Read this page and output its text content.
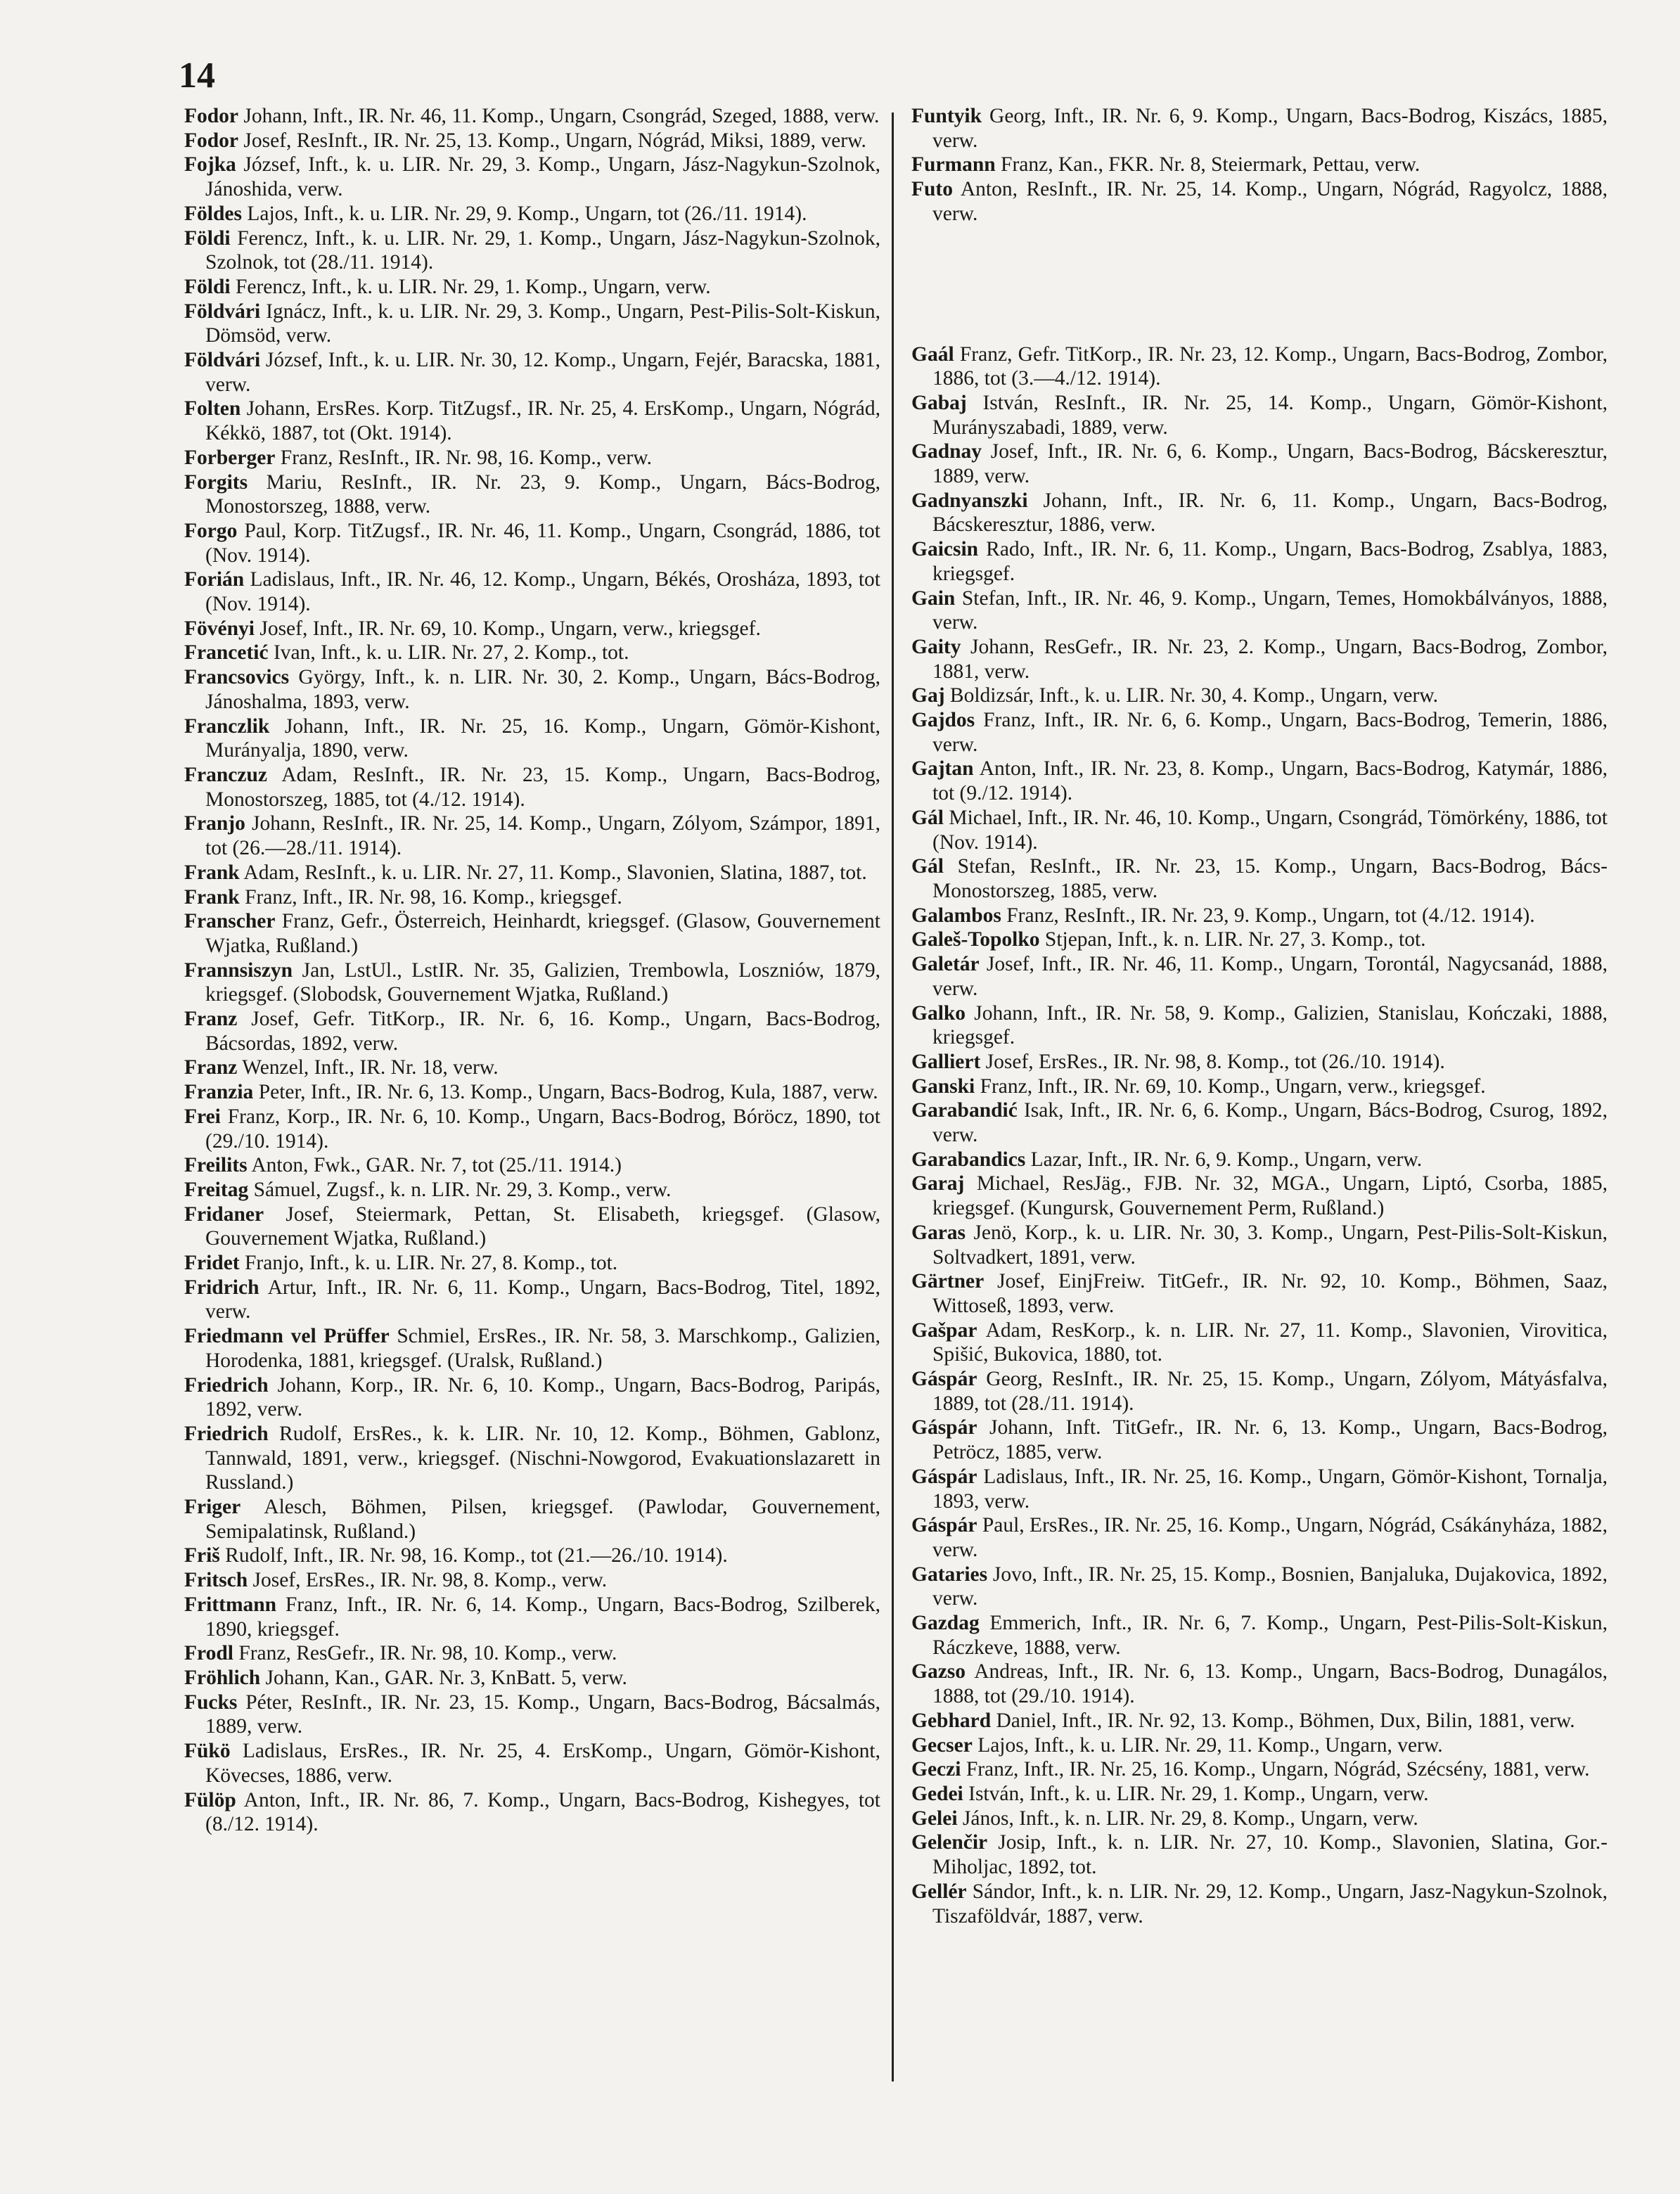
14
Fodor Johann, Inft., IR. Nr. 46, 11. Komp., Ungarn, Csongrád, Szeged, 1888, verw.
Fodor Josef, ResInft., IR. Nr. 25, 13. Komp., Ungarn, Nógrád, Miksi, 1889, verw.
Fojka József, Inft., k. u. LIR. Nr. 29, 3. Komp., Ungarn, Jász-Nagykun-Szolnok, Jánoshida, verw.
Földes Lajos, Inft., k. u. LIR. Nr. 29, 9. Komp., Ungarn, tot (26./11. 1914).
Földi Ferencz, Inft., k. u. LIR. Nr. 29, 1. Komp., Ungarn, Jász-Nagykun-Szolnok, Szolnok, tot (28./11. 1914).
Földi Ferencz, Inft., k. u. LIR. Nr. 29, 1. Komp., Ungarn, verw.
Földvári Ignácz, Inft., k. u. LIR. Nr. 29, 3. Komp., Ungarn, Pest-Pilis-Solt-Kiskun, Dömsöd, verw.
Földvári József, Inft., k. u. LIR. Nr. 30, 12. Komp., Ungarn, Fejér, Baracska, 1881, verw.
Folten Johann, ErsRes. Korp. TitZugsf., IR. Nr. 25, 4. ErsKomp., Ungarn, Nógrád, Kékkö, 1887, tot (Okt. 1914).
Forberger Franz, ResInft., IR. Nr. 98, 16. Komp., verw.
Forgits Mariu, ResInft., IR. Nr. 23, 9. Komp., Ungarn, Bács-Bodrog, Monostorszeg, 1888, verw.
Forgo Paul, Korp. TitZugsf., IR. Nr. 46, 11. Komp., Ungarn, Csongrád, 1886, tot (Nov. 1914).
Forián Ladislaus, Inft., IR. Nr. 46, 12. Komp., Ungarn, Békés, Orosháza, 1893, tot (Nov. 1914).
Fövényi Josef, Inft., IR. Nr. 69, 10. Komp., Ungarn, verw., kriegsgef.
Francetić Ivan, Inft., k. u. LIR. Nr. 27, 2. Komp., tot.
Francsovics György, Inft., k. n. LIR. Nr. 30, 2. Komp., Ungarn, Bács-Bodrog, Jánoshalma, 1893, verw.
Franczlik Johann, Inft., IR. Nr. 25, 16. Komp., Ungarn, Gömör-Kishont, Murányalja, 1890, verw.
Franczuz Adam, ResInft., IR. Nr. 23, 15. Komp., Ungarn, Bacs-Bodrog, Monostorszeg, 1885, tot (4./12. 1914).
Franjo Johann, ResInft., IR. Nr. 25, 14. Komp., Ungarn, Zólyom, Számpor, 1891, tot (26.—28./11. 1914).
Frank Adam, ResInft., k. u. LIR. Nr. 27, 11. Komp., Slavonien, Slatina, 1887, tot.
Frank Franz, Inft., IR. Nr. 98, 16. Komp., kriegsgef.
Franscher Franz, Gefr., Österreich, Heinhardt, kriegsgef. (Glasow, Gouvernement Wjatka, Rußland.)
Frannsiszyn Jan, LstUl., LstIR. Nr. 35, Galizien, Trembowla, Loszniów, 1879, kriegsgef. (Slobodsk, Gouvernement Wjatka, Rußland.)
Franz Josef, Gefr. TitKorp., IR. Nr. 6, 16. Komp., Ungarn, Bacs-Bodrog, Bácsordas, 1892, verw.
Franz Wenzel, Inft., IR. Nr. 18, verw.
Franzia Peter, Inft., IR. Nr. 6, 13. Komp., Ungarn, Bacs-Bodrog, Kula, 1887, verw.
Frei Franz, Korp., IR. Nr. 6, 10. Komp., Ungarn, Bacs-Bodrog, Bóröcz, 1890, tot (29./10. 1914).
Freilits Anton, Fwk., GAR. Nr. 7, tot (25./11. 1914.)
Freitag Sámuel, Zugsf., k. n. LIR. Nr. 29, 3. Komp., verw.
Fridaner Josef, Steiermark, Pettan, St. Elisabeth, kriegsgef. (Glasow, Gouvernement Wjatka, Rußland.)
Fridet Franjo, Inft., k. u. LIR. Nr. 27, 8. Komp., tot.
Fridrich Artur, Inft., IR. Nr. 6, 11. Komp., Ungarn, Bacs-Bodrog, Titel, 1892, verw.
Friedmann vel Prüffer Schmiel, ErsRes., IR. Nr. 58, 3. Marschkomp., Galizien, Horodenka, 1881, kriegsgef. (Uralsk, Rußland.)
Friedrich Johann, Korp., IR. Nr. 6, 10. Komp., Ungarn, Bacs-Bodrog, Paripás, 1892, verw.
Friedrich Rudolf, ErsRes., k. k. LIR. Nr. 10, 12. Komp., Böhmen, Gablonz, Tannwald, 1891, verw., kriegsgef. (Nischni-Nowgorod, Evakuationslazarett in Russland.)
Friger Alesch, Böhmen, Pilsen, kriegsgef. (Pawlodar, Gouvernement, Semipalatinsk, Rußland.)
Friš Rudolf, Inft., IR. Nr. 98, 16. Komp., tot (21.—26./10. 1914).
Fritsch Josef, ErsRes., IR. Nr. 98, 8. Komp., verw.
Frittmann Franz, Inft., IR. Nr. 6, 14. Komp., Ungarn, Bacs-Bodrog, Szilberek, 1890, kriegsgef.
Frodl Franz, ResGefr., IR. Nr. 98, 10. Komp., verw.
Fröhlich Johann, Kan., GAR. Nr. 3, KnBatt. 5, verw.
Fucks Péter, ResInft., IR. Nr. 23, 15. Komp., Ungarn, Bacs-Bodrog, Bácsalmás, 1889, verw.
Fükö Ladislaus, ErsRes., IR. Nr. 25, 4. ErsKomp., Ungarn, Gömör-Kishont, Kövecses, 1886, verw.
Fülöp Anton, Inft., IR. Nr. 86, 7. Komp., Ungarn, Bacs-Bodrog, Kishegyes, tot (8./12. 1914).
Funtyik Georg, Inft., IR. Nr. 6, 9. Komp., Ungarn, Bacs-Bodrog, Kiszács, 1885, verw.
Furmann Franz, Kan., FKR. Nr. 8, Steiermark, Pettau, verw.
Futo Anton, ResInft., IR. Nr. 25, 14. Komp., Ungarn, Nógrád, Ragyolcz, 1888, verw.
Gaál Franz, Gefr. TitKorp., IR. Nr. 23, 12. Komp., Ungarn, Bacs-Bodrog, Zombor, 1886, tot (3.—4./12. 1914).
Gabaj István, ResInft., IR. Nr. 25, 14. Komp., Ungarn, Gömör-Kishont, Murányszabadi, 1889, verw.
Gadnay Josef, Inft., IR. Nr. 6, 6. Komp., Ungarn, Bacs-Bodrog, Bácskeresztur, 1889, verw.
Gadnyanszki Johann, Inft., IR. Nr. 6, 11. Komp., Ungarn, Bacs-Bodrog, Bácskeresztur, 1886, verw.
Gaicsin Rado, Inft., IR. Nr. 6, 11. Komp., Ungarn, Bacs-Bodrog, Zsablya, 1883, kriegsgef.
Gain Stefan, Inft., IR. Nr. 46, 9. Komp., Ungarn, Temes, Homokbálványos, 1888, verw.
Gaity Johann, ResGefr., IR. Nr. 23, 2. Komp., Ungarn, Bacs-Bodrog, Zombor, 1881, verw.
Gaj Boldizsár, Inft., k. u. LIR. Nr. 30, 4. Komp., Ungarn, verw.
Gajdos Franz, Inft., IR. Nr. 6, 6. Komp., Ungarn, Bacs-Bodrog, Temerin, 1886, verw.
Gajtan Anton, Inft., IR. Nr. 23, 8. Komp., Ungarn, Bacs-Bodrog, Katymár, 1886, tot (9./12. 1914).
Gál Michael, Inft., IR. Nr. 46, 10. Komp., Ungarn, Csongrád, Tömörkény, 1886, tot (Nov. 1914).
Gál Stefan, ResInft., IR. Nr. 23, 15. Komp., Ungarn, Bacs-Bodrog, Bács-Monostorszeg, 1885, verw.
Galambos Franz, ResInft., IR. Nr. 23, 9. Komp., Ungarn, tot (4./12. 1914).
Galeš-Topolko Stjepan, Inft., k. n. LIR. Nr. 27, 3. Komp., tot.
Galetár Josef, Inft., IR. Nr. 46, 11. Komp., Ungarn, Torontál, Nagycsanád, 1888, verw.
Galko Johann, Inft., IR. Nr. 58, 9. Komp., Galizien, Stanislau, Kończaki, 1888, kriegsgef.
Galliert Josef, ErsRes., IR. Nr. 98, 8. Komp., tot (26./10. 1914).
Ganski Franz, Inft., IR. Nr. 69, 10. Komp., Ungarn, verw., kriegsgef.
Garabandić Isak, Inft., IR. Nr. 6, 6. Komp., Ungarn, Bács-Bodrog, Csurog, 1892, verw.
Garabandics Lazar, Inft., IR. Nr. 6, 9. Komp., Ungarn, verw.
Garaj Michael, ResJäg., FJB. Nr. 32, MGA., Ungarn, Liptó, Csorba, 1885, kriegsgef. (Kungursk, Gouvernement Perm, Rußland.)
Garas Jenö, Korp., k. u. LIR. Nr. 30, 3. Komp., Ungarn, Pest-Pilis-Solt-Kiskun, Soltvadkert, 1891, verw.
Gärtner Josef, EinjFreiw. TitGefr., IR. Nr. 92, 10. Komp., Böhmen, Saaz, Wittoseß, 1893, verw.
Gašpar Adam, ResKorp., k. n. LIR. Nr. 27, 11. Komp., Slavonien, Virovitica, Spišić, Bukovica, 1880, tot.
Gáspár Georg, ResInft., IR. Nr. 25, 15. Komp., Ungarn, Zólyom, Mátyásfalva, 1889, tot (28./11. 1914).
Gáspár Johann, Inft. TitGefr., IR. Nr. 6, 13. Komp., Ungarn, Bacs-Bodrog, Petröcz, 1885, verw.
Gáspár Ladislaus, Inft., IR. Nr. 25, 16. Komp., Ungarn, Gömör-Kishont, Tornalja, 1893, verw.
Gáspár Paul, ErsRes., IR. Nr. 25, 16. Komp., Ungarn, Nógrád, Csákányháza, 1882, verw.
Gataries Jovo, Inft., IR. Nr. 25, 15. Komp., Bosnien, Banjaluka, Dujakovica, 1892, verw.
Gazdag Emmerich, Inft., IR. Nr. 6, 7. Komp., Ungarn, Pest-Pilis-Solt-Kiskun, Ráczkeve, 1888, verw.
Gazso Andreas, Inft., IR. Nr. 6, 13. Komp., Ungarn, Bacs-Bodrog, Dunagálos, 1888, tot (29./10. 1914).
Gebhard Daniel, Inft., IR. Nr. 92, 13. Komp., Böhmen, Dux, Bilin, 1881, verw.
Gecser Lajos, Inft., k. u. LIR. Nr. 29, 11. Komp., Ungarn, verw.
Geczi Franz, Inft., IR. Nr. 25, 16. Komp., Ungarn, Nógrád, Szécsény, 1881, verw.
Gedei István, Inft., k. u. LIR. Nr. 29, 1. Komp., Ungarn, verw.
Gelei János, Inft., k. n. LIR. Nr. 29, 8. Komp., Ungarn, verw.
Gelenčir Josip, Inft., k. n. LIR. Nr. 27, 10. Komp., Slavonien, Slatina, Gor.-Miholjac, 1892, tot.
Gellér Sándor, Inft., k. n. LIR. Nr. 29, 12. Komp., Ungarn, Jasz-Nagykun-Szolnok, Tiszaföldvár, 1887, verw.
